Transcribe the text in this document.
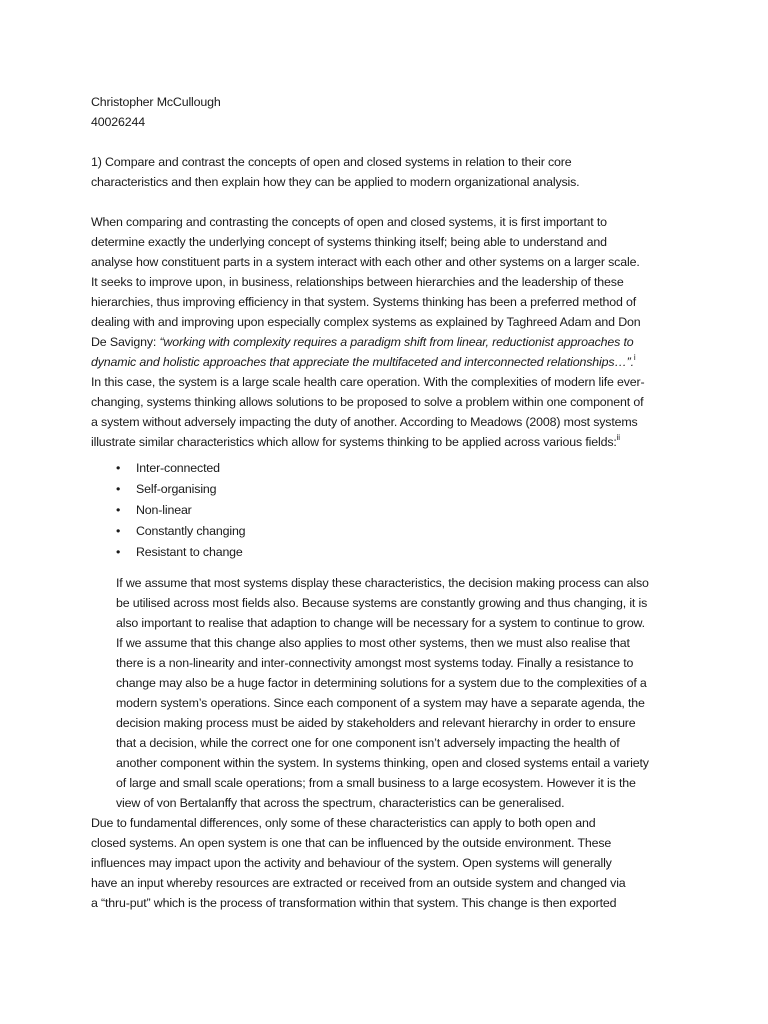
Christopher McCullough
40026244
1) Compare and contrast the concepts of open and closed systems in relation to their core
characteristics and then explain how they can be applied to modern organizational analysis.
When comparing and contrasting the concepts of open and closed systems, it is first important to
determine exactly the underlying concept of systems thinking itself; being able to understand and
analyse how constituent parts in a system interact with each other and other systems on a larger scale.
It seeks to improve upon, in business, relationships between hierarchies and the leadership of these
hierarchies, thus improving efficiency in that system. Systems thinking has been a preferred method of
dealing with and improving upon especially complex systems as explained by Taghreed Adam and Don
De Savigny: “working with complexity requires a paradigm shift from linear, reductionist approaches to
dynamic and holistic approaches that appreciate the multifaceted and interconnected relationships…”.$^i$
In this case, the system is a large scale health care operation. With the complexities of modern life ever-
changing, systems thinking allows solutions to be proposed to solve a problem within one component of
a system without adversely impacting the duty of another. According to Meadows (2008) most systems
illustrate similar characteristics which allow for systems thinking to be applied across various fields:$^{ii}$
• Inter-connected
• Self-organising
• Non-linear
• Constantly changing
• Resistant to change
If we assume that most systems display these characteristics, the decision making process can also
be utilised across most fields also. Because systems are constantly growing and thus changing, it is
also important to realise that adaption to change will be necessary for a system to continue to grow.
If we assume that this change also applies to most other systems, then we must also realise that
there is a non-linearity and inter-connectivity amongst most systems today. Finally a resistance to
change may also be a huge factor in determining solutions for a system due to the complexities of a
modern system’s operations. Since each component of a system may have a separate agenda, the
decision making process must be aided by stakeholders and relevant hierarchy in order to ensure
that a decision, while the correct one for one component isn’t adversely impacting the health of
another component within the system. In systems thinking, open and closed systems entail a variety
of large and small scale operations; from a small business to a large ecosystem. However it is the
view of von Bertalanffy that across the spectrum, characteristics can be generalised.
Due to fundamental differences, only some of these characteristics can apply to both open and
closed systems. An open system is one that can be influenced by the outside environment. These
influences may impact upon the activity and behaviour of the system. Open systems will generally
have an input whereby resources are extracted or received from an outside system and changed via
a “thru-put” which is the process of transformation within that system. This change is then exported
